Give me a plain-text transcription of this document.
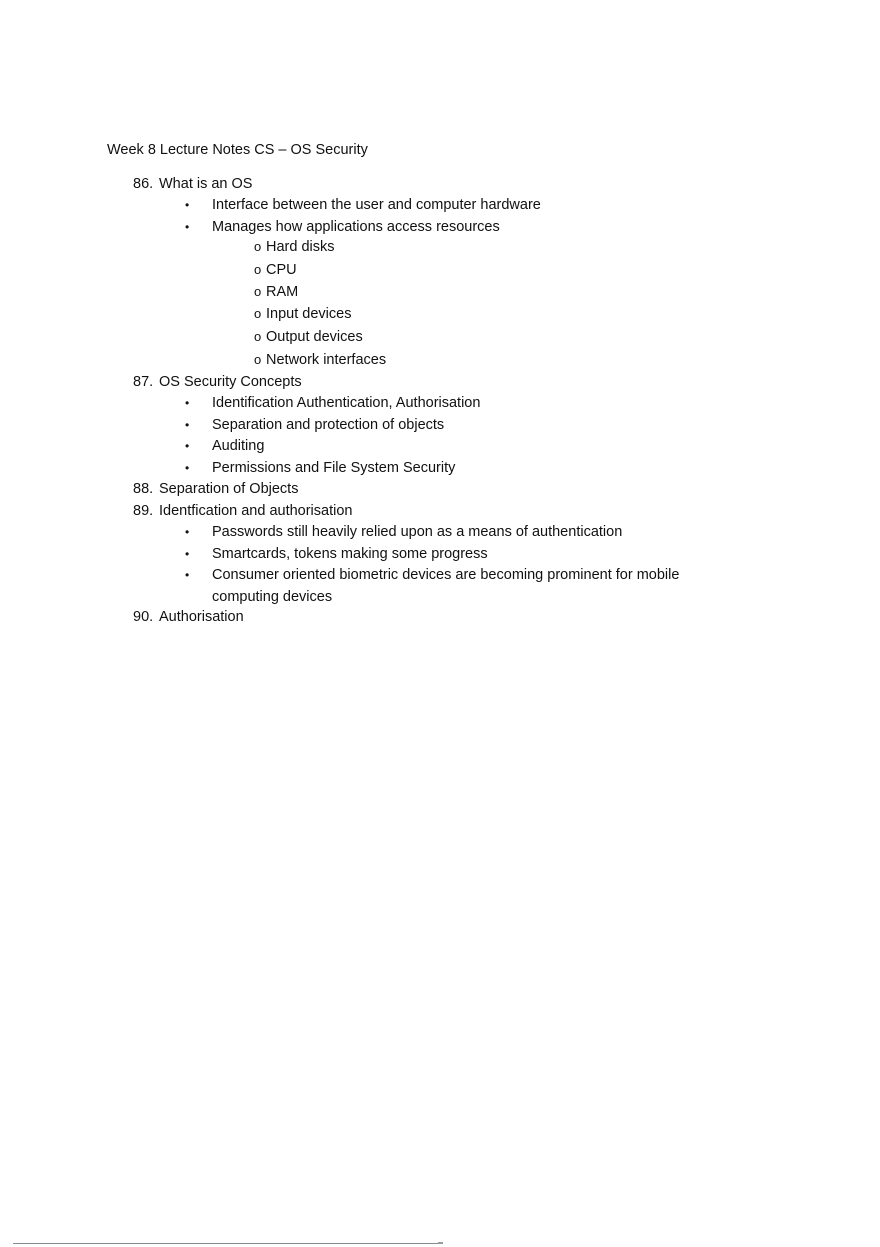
Week 8 Lecture Notes CS – OS Security
86. What is an OS
• Interface between the user and computer hardware
• Manages how applications access resources
o Hard disks
o CPU
o RAM
o Input devices
o Output devices
o Network interfaces
87. OS Security Concepts
• Identification Authentication, Authorisation
• Separation and protection of objects
• Auditing
• Permissions and File System Security
88. Separation of Objects
89. Identfication and authorisation
• Passwords still heavily relied upon as a means of authentication
• Smartcards, tokens making some progress
• Consumer oriented biometric devices are becoming prominent for mobile
computing devices
90. Authorisation
